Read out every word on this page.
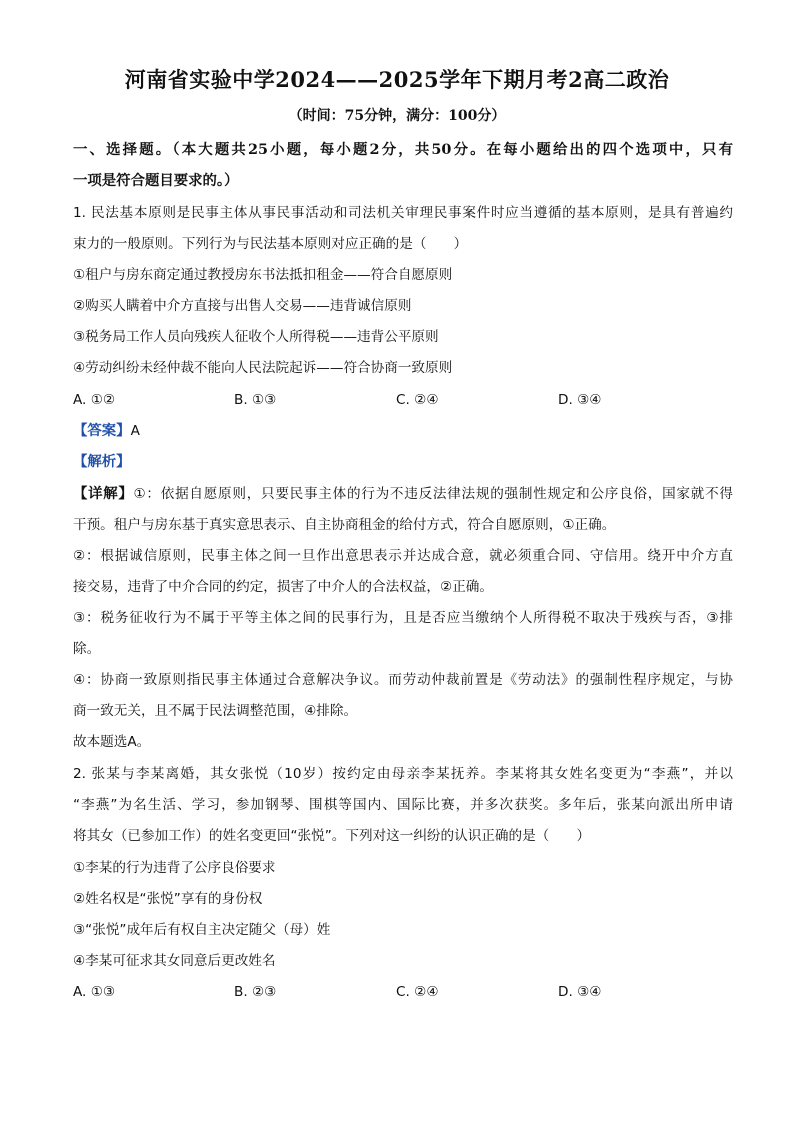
河南省实验中学2024——2025学年下期月考2高二政治
（时间：75分钟，满分：100分）
一、选择题。（本大题共25小题，每小题2分，共50分。在每小题给出的四个选项中，只有
一项是符合题目要求的。）
1. 民法基本原则是民事主体从事民事活动和司法机关审理民事案件时应当遵循的基本原则，是具有普遍约
束力的一般原则。下列行为与民法基本原则对应正确的是（　　）
①租户与房东商定通过教授房东书法抵扣租金——符合自愿原则
②购买人瞒着中介方直接与出售人交易——违背诚信原则
③税务局工作人员向残疾人征收个人所得税——违背公平原则
④劳动纠纷未经仲裁不能向人民法院起诉——符合协商一致原则
A. ①②	B. ①③	C. ②④	D. ③④
【答案】A
【解析】
【详解】①：依据自愿原则，只要民事主体的行为不违反法律法规的强制性规定和公序良俗，国家就不得
干预。租户与房东基于真实意思表示、自主协商租金的给付方式，符合自愿原则，①正确。
②：根据诚信原则，民事主体之间一旦作出意思表示并达成合意，就必须重合同、守信用。绕开中介方直
接交易，违背了中介合同的约定，损害了中介人的合法权益，②正确。
③：税务征收行为不属于平等主体之间的民事行为，且是否应当缴纳个人所得税不取决于残疾与否，③排
除。
④：协商一致原则指民事主体通过合意解决争议。而劳动仲裁前置是《劳动法》的强制性程序规定，与协
商一致无关，且不属于民法调整范围，④排除。
故本题选A。
2. 张某与李某离婚，其女张悦（10岁）按约定由母亲李某抚养。李某将其女姓名变更为“李燕”，并以
“李燕”为名生活、学习，参加钢琴、围棋等国内、国际比赛，并多次获奖。多年后，张某向派出所申请
将其女（已参加工作）的姓名变更回“张悦”。下列对这一纠纷的认识正确的是（　　）
①李某的行为违背了公序良俗要求
②姓名权是“张悦”享有的身份权
③“张悦”成年后有权自主决定随父（母）姓
④李某可征求其女同意后更改姓名
A. ①③	B. ②③	C. ②④	D. ③④
